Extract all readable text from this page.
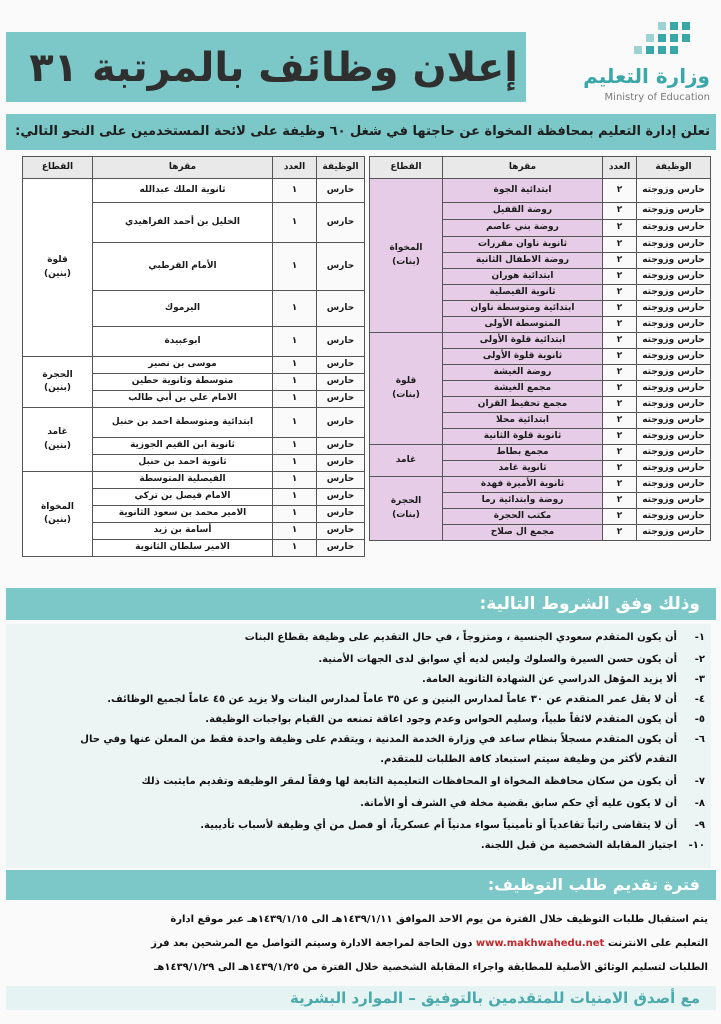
إعلان وظائف بالمرتبة ٣١	وزارة التعليم
Ministry of Education
تعلن إدارة التعليم بمحافظة المخواة عن حاجتها في شغل ٦٠ وظيفة على لائحة المستخدمين على النحو التالي:
الوظيفة	العدد	مقرها	القطاع
حارس وزوجته	٢	ابتدائية الجوة	المخواة
(بنات)

حارس وزوجته	٢	روضة القفيل	
حارس وزوجته	٢	روضة بني عاصم	
حارس وزوجته	٢	ثانوية ناوان مقررات	
حارس وزوجته	٢	روضة الاطفال الثانية	
حارس وزوجته	٢	ابتدائية هوران	
حارس وزوجته	٢	ثانوية الفيصلية	
حارس وزوجته	٢	ابتدائية ومتوسطة ناوان	
حارس وزوجته	٢	المتوسطة الأولى	
حارس وزوجته	٢	ابتدائية قلوة الأولى	قلوة
(بنات)

حارس وزوجته	٢	ثانوية قلوة الأولى	
حارس وزوجته	٢	روضة الغيشة	
حارس وزوجته	٢	مجمع الغيشة	
حارس وزوجته	٢	مجمع تحفيظ القران	
حارس وزوجته	٢	ابتدائية محلا	
حارس وزوجته	٢	ثانوية قلوة الثانية	
حارس وزوجته	٢	مجمع بطاط	غامد

حارس وزوجته	٢	ثانوية غامد	
حارس وزوجته	٢	ثانوية الأميرة فهدة	الحجرة
(بنات)

حارس وزوجته	٢	روضة وابتدائية رما	
حارس وزوجته	٢	مكتب الحجرة	
حارس وزوجته	٢	مجمع ال صلاح	
الوظيفة	العدد	مقرها	القطاع
حارس	١	ثانوية الملك عبدالله	قلوة
(بنين)

حارس	١	الخليل بن أحمد الفراهيدي	
حارس	١	الأمام القرطبي	
حارس	١	اليرموك	
حارس	١	ابوعبيدة	
حارس	١	موسى بن نصير	الحجرة
(بنين)

حارس	١	متوسطة وثانوية حطين	
حارس	١	الامام علي بن أبي طالب	
حارس	١	ابتدائية ومتوسطة احمد بن حنبل	غامد
(بنين)

حارس	١	ثانوية ابن القيم الجوزية	
حارس	١	ثانوية احمد بن حنبل	
حارس	١	الفيصلية المتوسطة	المخواة
(بنين)

حارس	١	الامام فيصل بن تركي	
حارس	١	الامير محمد بن سعود الثانوية	
حارس	١	أسامة بن زيد	
حارس	١	الامير سلطان الثانوية	
وذلك وفق الشروط التالية:
١-أن يكون المتقدم سعودي الجنسية ، ومتزوجاً ، في حال التقديم على وظيفة بقطاع البنات
٢-أن يكون حسن السيرة والسلوك وليس لديه أي سوابق لدى الجهات الأمنية.
٣-ألا يزيد المؤهل الدراسي عن الشهادة الثانوية العامة.
٤-أن لا يقل عمر المتقدم عن ٣٠ عاماً لمدارس البنين و عن ٣٥ عاماً لمدارس البنات ولا يزيد عن ٤٥ عاماً لجميع الوظائف.
٥-أن يكون المتقدم لائقاً طبياً، وسليم الحواس وعدم وجود اعاقة تمنعه من القيام بواجبات الوظيفة.
٦-أن يكون المتقدم مسجلاً بنظام ساعد في وزارة الخدمة المدنية ، ويتقدم على وظيفة واحدة فقط من المعلن عنها وفي حال
التقدم لأكثر من وظيفة سيتم استبعاد كافة الطلبات للمتقدم.
٧-أن يكون من سكان محافظة المخواة او المحافظات التعليمية التابعة لها وفقاً لمقر الوظيفة وتقديم مايثبت ذلك
٨-أن لا يكون عليه أي حكم سابق بقضية مخلة في الشرف أو الأمانة.
٩-أن لا يتقاضى راتباً تقاعدياً أو تأمينياً سواء مدنياً أم عسكرياً، أو فصل من أي وظيفة لأسباب تأديبية.
١٠-اجتياز المقابلة الشخصية من قبل اللجنة.
فترة تقديم طلب التوظيف:
يتم استقبال طلبات التوظيف خلال الفترة من يوم الاحد الموافق ١٤٣٩/١/١١هـ الى ١٤٣٩/١/١٥هـ عبر موقع ادارة
التعليم على الانترنت www.makhwahedu.net دون الحاجة لمراجعة الادارة وسيتم التواصل مع المرشحين بعد فرز
الطلبات لتسليم الوثائق الأصلية للمطابقة واجراء المقابلة الشخصية خلال الفترة من ١٤٣٩/١/٢٥هـ الى ١٤٣٩/١/٢٩هـ
مع أصدق الامنيات للمتقدمين بالتوفيق – الموارد البشرية
